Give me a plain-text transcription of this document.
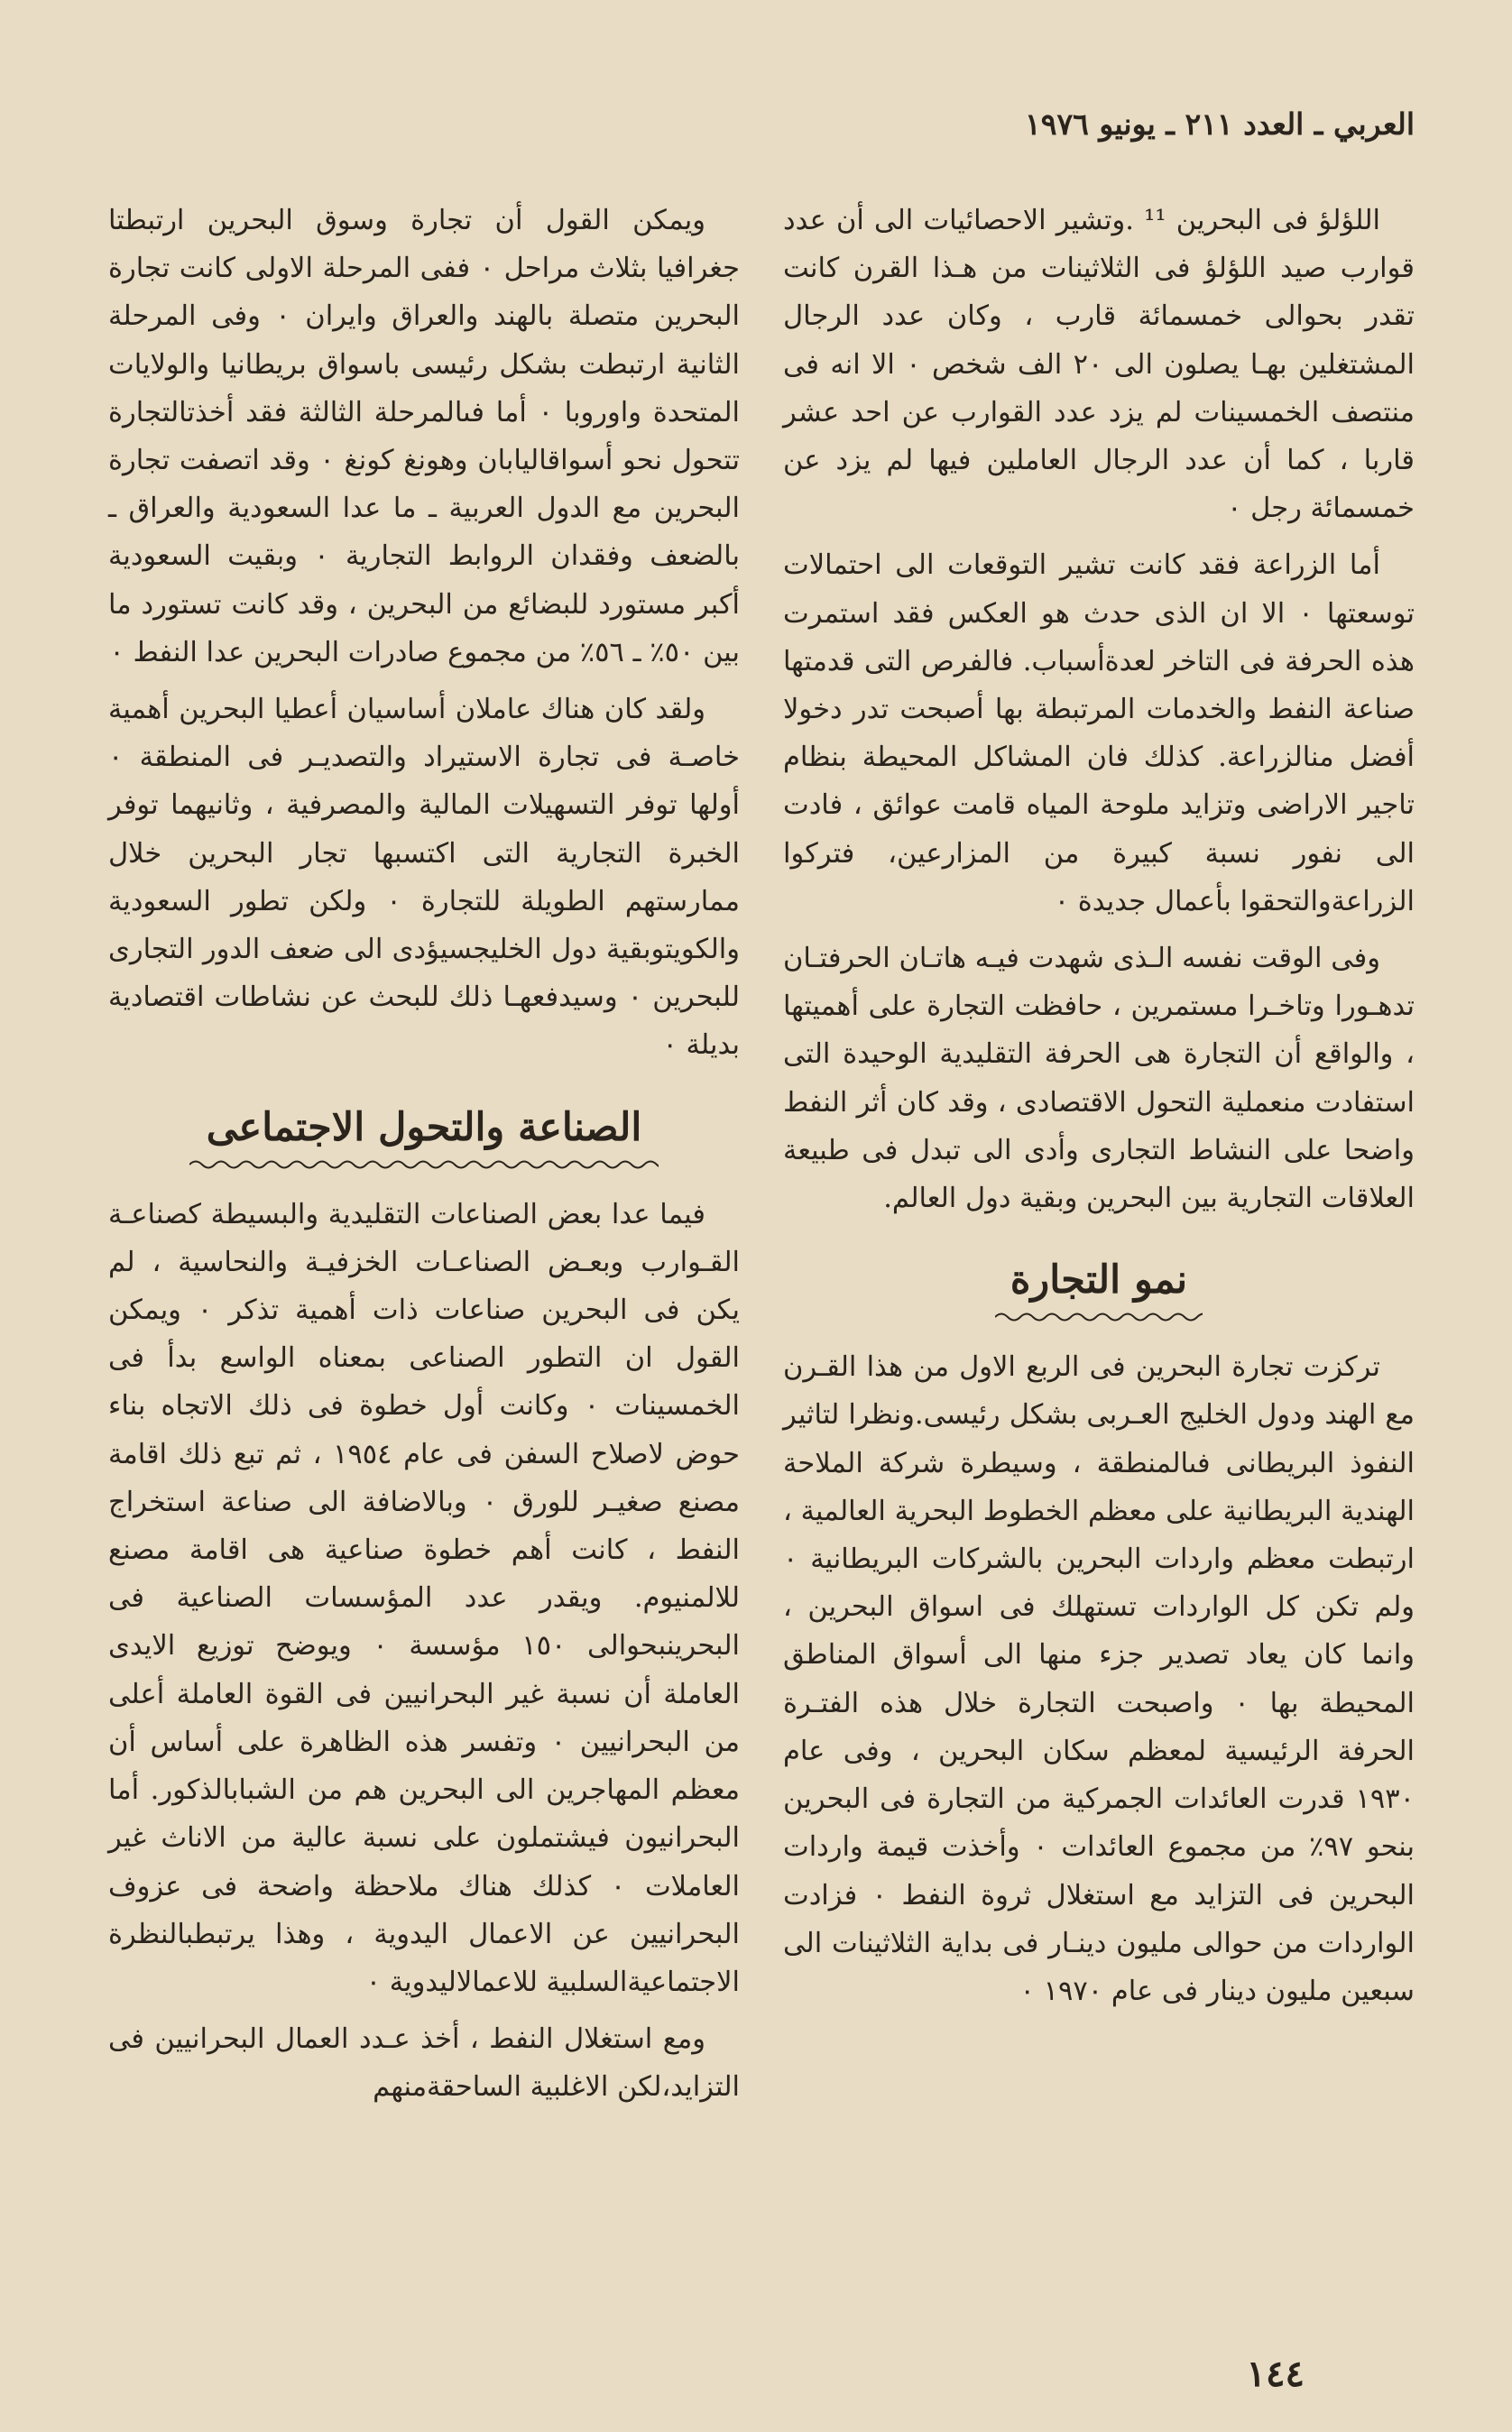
العربي ـ العدد ٢١١ ـ يونيو ١٩٧٦

اللؤلؤ فى البحرين ¹¹ .وتشير الاحصائيات الى أن عدد قوارب صيد اللؤلؤ فى الثلاثينات من هـذا القرن كانت تقدر بحوالى خمسمائة قارب ، وكان عدد الرجال المشتغلين بهـا يصلون الى ٢٠ الف شخص ٠ الا انه فى منتصف الخمسينات لم يزد عدد القوارب عن احد عشر قاربا ، كما أن عدد الرجال العاملين فيها لم يزد عن خمسمائة رجل ٠

أما الزراعة فقد كانت تشير التوقعات الى احتمالات توسعتها ٠ الا ان الذى حدث هو العكس فقد استمرت هذه الحرفة فى التاخر لعدةأسباب. فالفرص التى قدمتها صناعة النفط والخدمات المرتبطة بها أصبحت تدر دخولا أفضل منالزراعة. كذلك فان المشاكل المحيطة بنظام تاجير الاراضى وتزايد ملوحة المياه قامت عوائق ، فادت الى نفور نسبة كبيرة من المزارعين، فتركوا الزراعةوالتحقوا بأعمال جديدة ٠

وفى الوقت نفسه الـذى شهدت فيـه هاتـان الحرفتـان تدهـورا وتاخـرا مستمرين ، حافظت التجارة على أهميتها ، والواقع أن التجارة هى الحرفة التقليدية الوحيدة التى استفادت منعملية التحول الاقتصادى ، وقد كان أثر النفط واضحا على النشاط التجارى وأدى الى تبدل فى طبيعة العلاقات التجارية بين البحرين وبقية دول العالم.

نمو التجارة

تركزت تجارة البحرين فى الربع الاول من هذا القـرن مع الهند ودول الخليج العـربى بشكل رئيسى.ونظرا لتاثير النفوذ البريطانى فىالمنطقة ، وسيطرة شركة الملاحة الهندية البريطانية على معظم الخطوط البحرية العالمية ، ارتبطت معظم واردات البحرين بالشركات البريطانية ٠ ولم تكن كل الواردات تستهلك فى اسواق البحرين ، وانما كان يعاد تصدير جزء منها الى أسواق المناطق المحيطة بها ٠ واصبحت التجارة خلال هذه الفتـرة الحرفة الرئيسية لمعظم سكان البحرين ، وفى عام ١٩٣٠ قدرت العائدات الجمركية من التجارة فى البحرين بنحو ٩٧٪ من مجموع العائدات ٠ وأخذت قيمة واردات البحرين فى التزايد مع استغلال ثروة النفط ٠ فزادت الواردات من حوالى مليون دينـار فى بداية الثلاثينات الى سبعين مليون دينار فى عام ١٩٧٠ ٠

ويمكن القول أن تجارة وسوق البحرين ارتبطتا جغرافيا بثلاث مراحل ٠ ففى المرحلة الاولى كانت تجارة البحرين متصلة بالهند والعراق وايران ٠ وفى المرحلة الثانية ارتبطت بشكل رئيسى باسواق بريطانيا والولايات المتحدة واوروبا ٠ أما فىالمرحلة الثالثة فقد أخذتالتجارة تتحول نحو أسواقاليابان وهونغ كونغ ٠ وقد اتصفت تجارة البحرين مع الدول العربية ـ ما عدا السعودية والعراق ـ بالضعف وفقدان الروابط التجارية ٠ وبقيت السعودية أكبر مستورد للبضائع من البحرين ، وقد كانت تستورد ما بين ٥٠٪ ـ ٥٦٪ من مجموع صادرات البحرين عدا النفط ٠

ولقد كان هناك عاملان أساسيان أعطيا البحرين أهمية خاصـة فى تجارة الاستيراد والتصديـر فى المنطقة ٠ أولها توفر التسهيلات المالية والمصرفية ، وثانيهما توفر الخبرة التجارية التى اكتسبها تجار البحرين خلال ممارستهم الطويلة للتجارة ٠ ولكن تطور السعودية والكويتوبقية دول الخليجسيؤدى الى ضعف الدور التجارى للبحرين ٠ وسيدفعهـا ذلك للبحث عن نشاطات اقتصادية بديلة ٠

الصناعة والتحول الاجتماعى

فيما عدا بعض الصناعات التقليدية والبسيطة كصناعـة القـوارب وبعـض الصناعـات الخزفيـة والنحاسية ، لم يكن فى البحرين صناعات ذات أهمية تذكر ٠ ويمكن القول ان التطور الصناعى بمعناه الواسع بدأ فى الخمسينات ٠ وكانت أول خطوة فى ذلك الاتجاه بناء حوض لاصلاح السفن فى عام ١٩٥٤ ، ثم تبع ذلك اقامة مصنع صغيـر للورق ٠ وبالاضافة الى صناعة استخراج النفط ، كانت أهم خطوة صناعية هى اقامة مصنع للالمنيوم. ويقدر عدد المؤسسات الصناعية فى البحرينبحوالى ١٥٠ مؤسسة ٠ ويوضح توزيع الايدى العاملة أن نسبة غير البحرانيين فى القوة العاملة أعلى من البحرانيين ٠ وتفسر هذه الظاهرة على أساس أن معظم المهاجرين الى البحرين هم من الشبابالذكور. أما البحرانيون فيشتملون على نسبة عالية من الاناث غير العاملات ٠ كذلك هناك ملاحظة واضحة فى عزوف البحرانيين عن الاعمال اليدوية ، وهذا يرتبطبالنظرة الاجتماعيةالسلبية للاعمالاليدوية ٠

ومع استغلال النفط ، أخذ عـدد العمال البحرانيين فى التزايد،لكن الاغلبية الساحقةمنهم

١٤٤
